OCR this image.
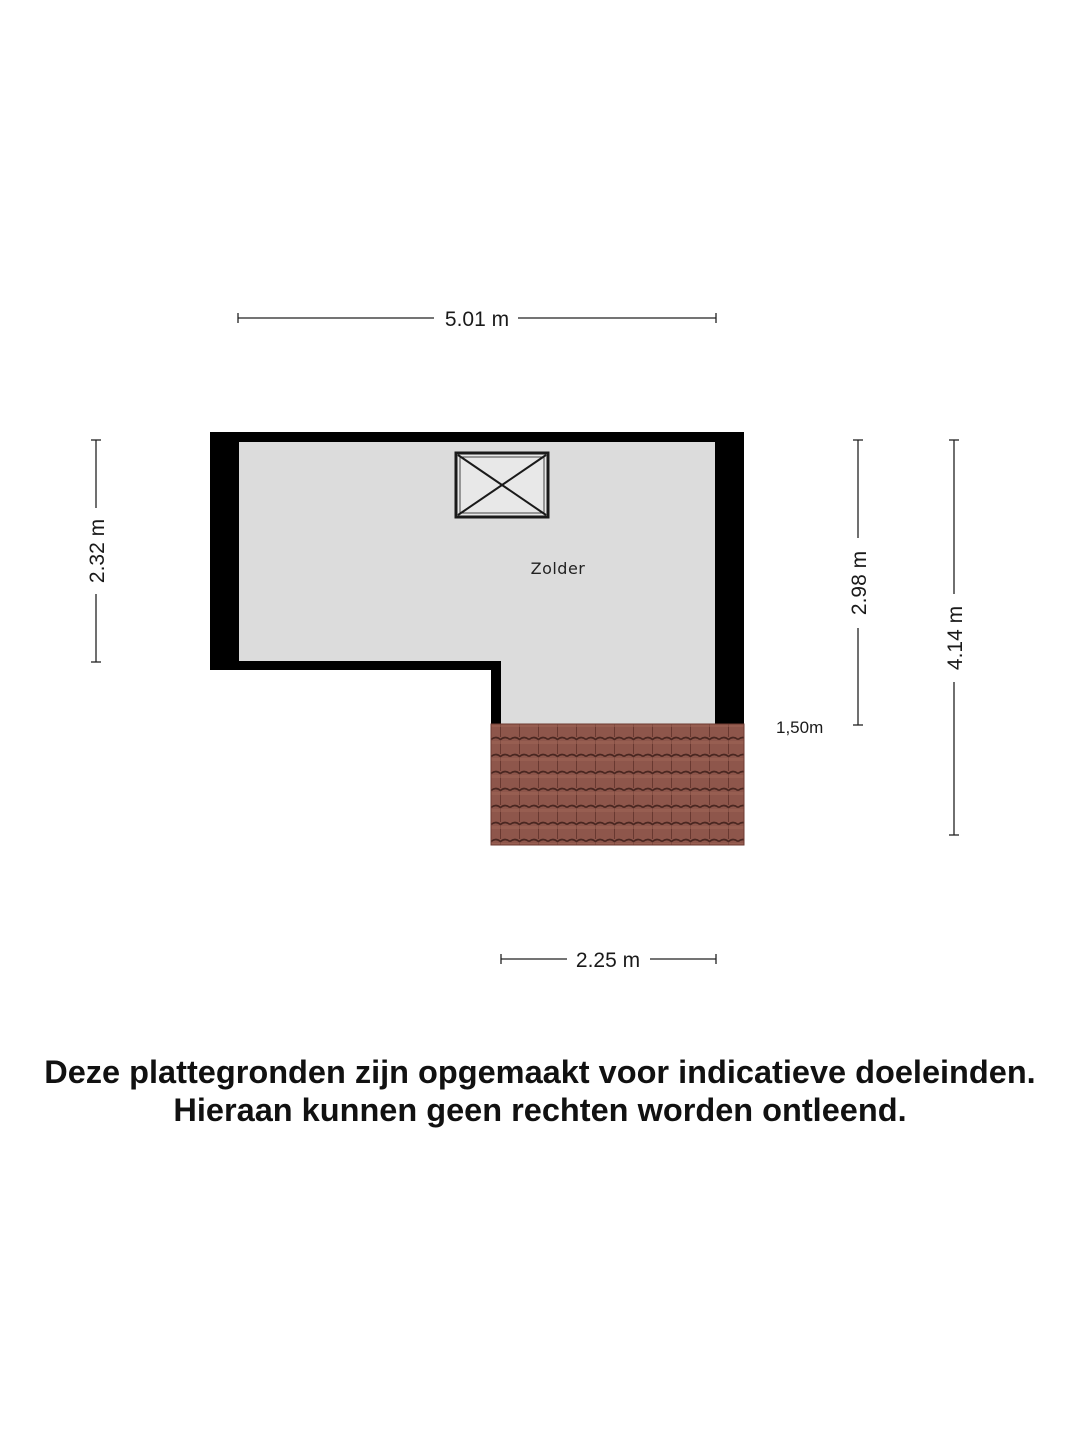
5.01 m
2.32 m	2.98 m
4.14 m
Zolder
1,50m
2.25 m
Deze plattegronden zijn opgemaakt voor indicatieve doeleinden.
Hieraan kunnen geen rechten worden ontleend.
